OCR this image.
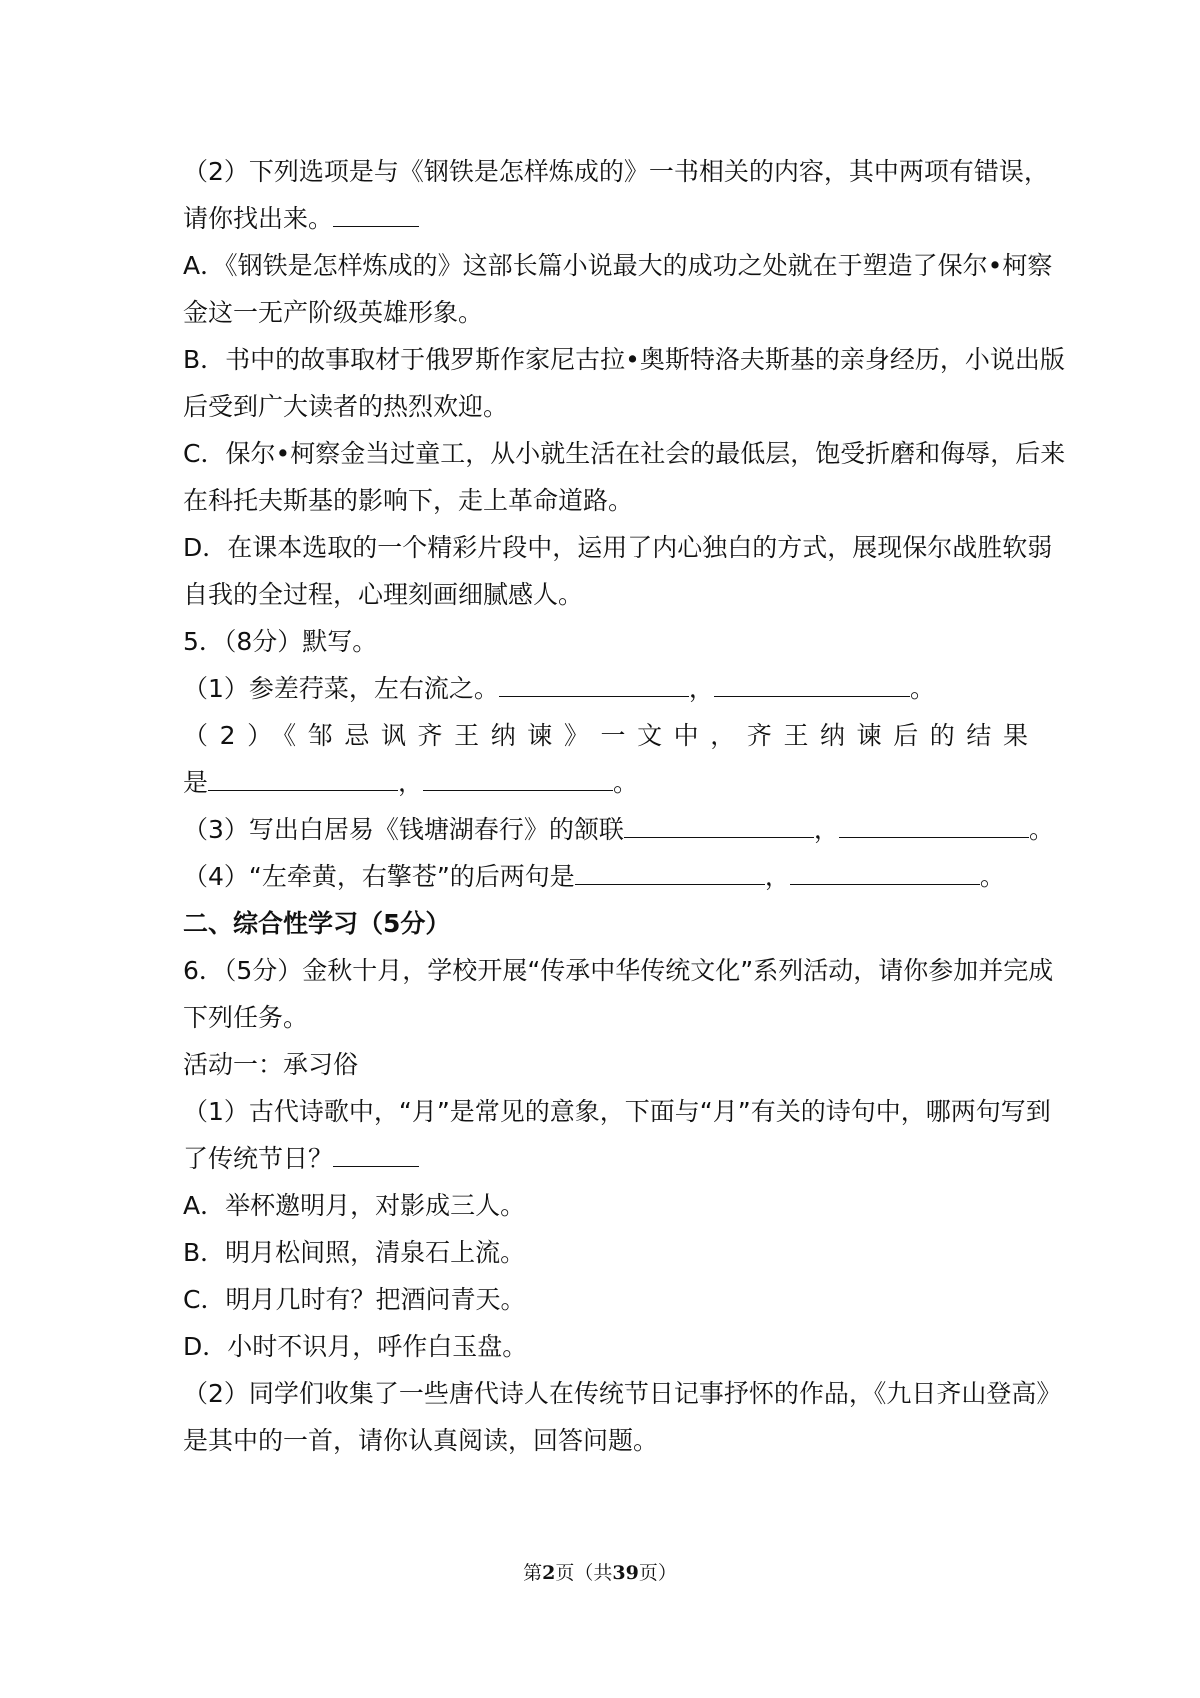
（2）下列选项是与《钢铁是怎样炼成的》一书相关的内容，其中两项有错误，
请你找出来。
A．《钢铁是怎样炼成的》这部长篇小说最大的成功之处就在于塑造了保尔•柯察
金这一无产阶级英雄形象。
B．书中的故事取材于俄罗斯作家尼古拉•奥斯特洛夫斯基的亲身经历，小说出版
后受到广大读者的热烈欢迎。
C．保尔•柯察金当过童工，从小就生活在社会的最低层，饱受折磨和侮辱，后来
在科托夫斯基的影响下，走上革命道路。
D．在课本选取的一个精彩片段中，运用了内心独白的方式，展现保尔战胜软弱
自我的全过程，心理刻画细腻感人。
5．（8分）默写。
（1）参差荇菜，左右流之。	，	。
（2）《邹忌讽齐王纳谏》一文中，齐王纳谏后的结果
是	，	。
（3）写出白居易《钱塘湖春行》的颔联	，	。
（4）“左牵黄，右擎苍”的后两句是	，	。
二、综合性学习（5分）
6．（5分）金秋十月，学校开展“传承中华传统文化”系列活动，请你参加并完成
下列任务。
活动一：承习俗
（1）古代诗歌中，“月”是常见的意象，下面与“月”有关的诗句中，哪两句写到
了传统节日？
A．举杯邀明月，对影成三人。
B．明月松间照，清泉石上流。
C．明月几时有？把酒问青天。
D．小时不识月，呼作白玉盘。
（2）同学们收集了一些唐代诗人在传统节日记事抒怀的作品，《九日齐山登高》
是其中的一首，请你认真阅读，回答问题。
第2页（共39页）
